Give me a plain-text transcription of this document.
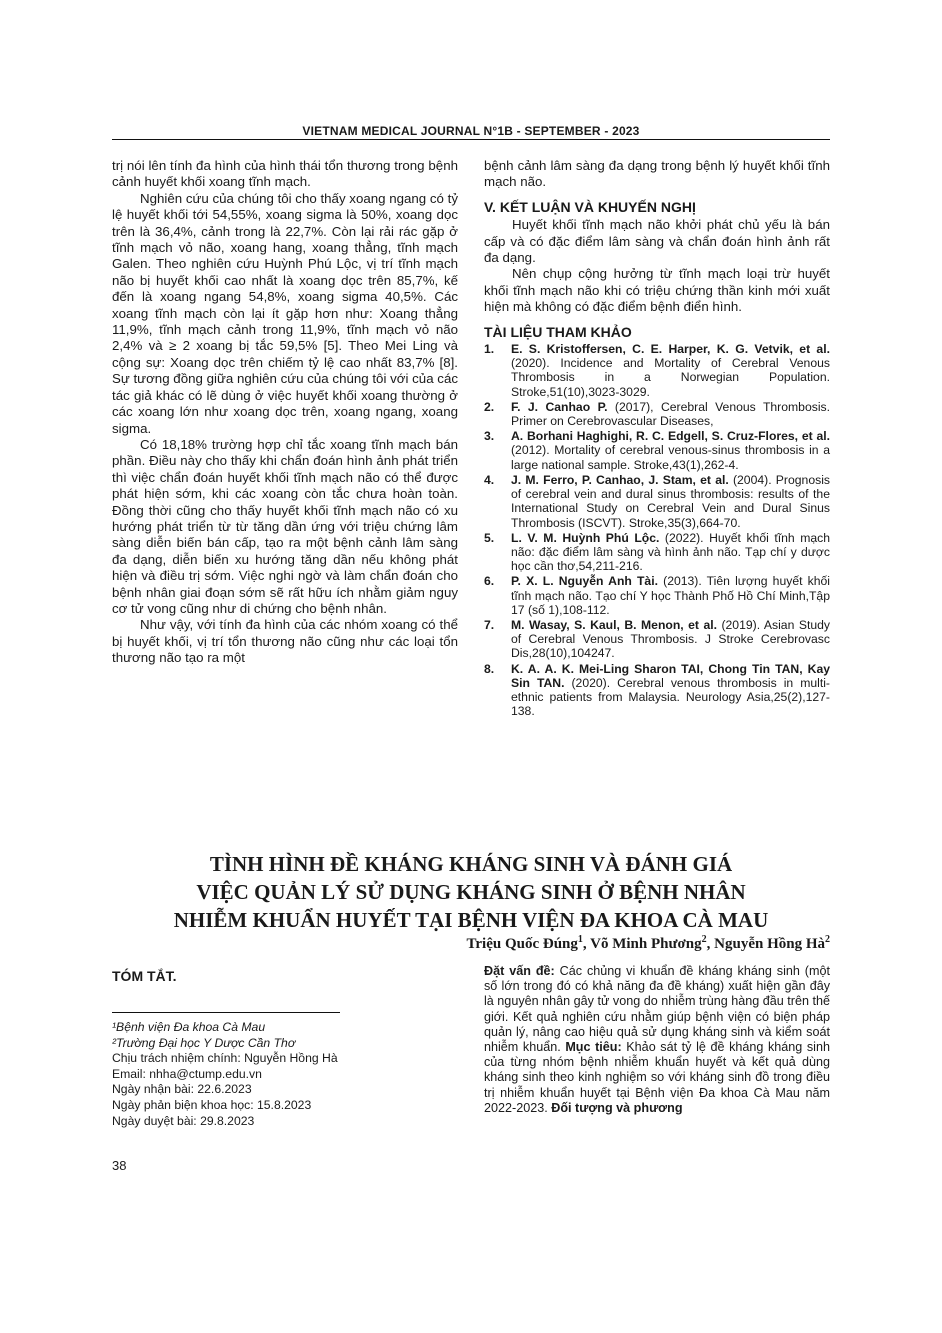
VIETNAM MEDICAL JOURNAL N°1B - SEPTEMBER - 2023

trị nói lên tính đa hình của hình thái tổn thương trong bệnh cảnh huyết khối xoang tĩnh mạch.

Nghiên cứu của chúng tôi cho thấy xoang ngang có tỷ lệ huyết khối tới 54,55%, xoang sigma là 50%, xoang dọc trên là 36,4%, cảnh trong là 22,7%. Còn lại rải rác gặp ở tĩnh mạch vỏ não, xoang hang, xoang thẳng, tĩnh mạch Galen. Theo nghiên cứu Huỳnh Phú Lộc, vị trí tĩnh mạch não bị huyết khối cao nhất là xoang dọc trên 85,7%, kế đến là xoang ngang 54,8%, xoang sigma 40,5%. Các xoang tĩnh mạch còn lại ít gặp hơn như: Xoang thẳng 11,9%, tĩnh mạch cảnh trong 11,9%, tĩnh mạch vỏ não 2,4% và ≥ 2 xoang bị tắc 59,5% [5]. Theo Mei Ling và cộng sự: Xoang dọc trên chiếm tỷ lệ cao nhất 83,7% [8]. Sự tương đồng giữa nghiên cứu của chúng tôi với của các tác giả khác có lẽ dùng ở việc huyết khối xoang thường ở các xoang lớn như xoang dọc trên, xoang ngang, xoang sigma.

Có 18,18% trường hợp chỉ tắc xoang tĩnh mạch bán phần. Điều này cho thấy khi chẩn đoán hình ảnh phát triển thì việc chẩn đoán huyết khối tĩnh mạch não có thể được phát hiện sớm, khi các xoang còn tắc chưa hoàn toàn. Đồng thời cũng cho thấy huyết khối tĩnh mạch não có xu hướng phát triển từ từ tăng dần ứng với triệu chứng lâm sàng diễn biến bán cấp, tạo ra một bệnh cảnh lâm sàng đa dạng, diễn biến xu hướng tăng dần nếu không phát hiện và điều trị sớm. Việc nghi ngờ và làm chẩn đoán cho bệnh nhân giai đoạn sớm sẽ rất hữu ích nhằm giảm nguy cơ tử vong cũng như di chứng cho bệnh nhân.

Như vậy, với tính đa hình của các nhóm xoang có thể bị huyết khối, vị trí tổn thương não cũng như các loại tổn thương não tạo ra một

bệnh cảnh lâm sàng đa dạng trong bệnh lý huyết khối tĩnh mạch não.

V. KẾT LUẬN VÀ KHUYẾN NGHỊ

Huyết khối tĩnh mạch não khởi phát chủ yếu là bán cấp và có đặc điểm lâm sàng và chẩn đoán hình ảnh rất đa dạng.

Nên chụp cộng hưởng từ tĩnh mạch loại trừ huyết khối tĩnh mạch não khi có triệu chứng thần kinh mới xuất hiện mà không có đặc điểm bệnh điển hình.

TÀI LIỆU THAM KHẢO
1. E. S. Kristoffersen, C. E. Harper, K. G. Vetvik, et al. (2020). Incidence and Mortality of Cerebral Venous Thrombosis in a Norwegian Population. Stroke,51(10),3023-3029.
2. F. J. Canhao P. (2017), Cerebral Venous Thrombosis. Primer on Cerebrovascular Diseases,
3. A. Borhani Haghighi, R. C. Edgell, S. Cruz-Flores, et al. (2012). Mortality of cerebral venous-sinus thrombosis in a large national sample. Stroke,43(1),262-4.
4. J. M. Ferro, P. Canhao, J. Stam, et al. (2004). Prognosis of cerebral vein and dural sinus thrombosis: results of the International Study on Cerebral Vein and Dural Sinus Thrombosis (ISCVT). Stroke,35(3),664-70.
5. L. V. M. Huỳnh Phú Lộc. (2022). Huyết khối tĩnh mạch não: đặc điểm lâm sàng và hình ảnh não. Tạp chí y dược học cần thơ,54,211-216.
6. P. X. L. Nguyễn Anh Tài. (2013). Tiên lượng huyết khối tĩnh mạch não. Tạo chí Y học Thành Phố Hồ Chí Minh,Tập 17 (số 1),108-112.
7. M. Wasay, S. Kaul, B. Menon, et al. (2019). Asian Study of Cerebral Venous Thrombosis. J Stroke Cerebrovasc Dis,28(10),104247.
8. K. A. A. K. Mei-Ling Sharon TAI, Chong Tin TAN, Kay Sin TAN. (2020). Cerebral venous thrombosis in multi-ethnic patients from Malaysia. Neurology Asia,25(2),127-138.
TÌNH HÌNH ĐỀ KHÁNG KHÁNG SINH VÀ ĐÁNH GIÁ
VIỆC QUẢN LÝ SỬ DỤNG KHÁNG SINH Ở BỆNH NHÂN
NHIỄM KHUẨN HUYẾT TẠI BỆNH VIỆN ĐA KHOA CÀ MAU
Triệu Quốc Đúng$^1$, Võ Minh Phương$^2$, Nguyễn Hồng $Hà^2$
TÓM TẮT.	Đặt vấn đề: Các chủng vi khuẩn đề kháng kháng sinh (một số lớn trong đó có khả năng đa đề kháng) xuất hiện gần đây là nguyên nhân gây tử vong do nhiễm trùng hàng đầu trên thế giới. Kết quả nghiên cứu nhằm giúp bệnh viện có biện pháp quản lý, nâng cao hiệu quả sử dụng kháng sinh và kiểm soát nhiễm khuẩn. Mục tiêu: Khảo sát tỷ lệ đề kháng kháng sinh của từng nhóm bệnh nhiễm khuẩn huyết và kết quả dùng kháng sinh theo kinh nghiệm so với kháng sinh đồ trong điều trị nhiễm khuẩn huyết tại Bệnh viện Đa khoa Cà Mau năm 2022-2023. Đối tượng và phương
¹Bệnh viện Đa khoa Cà Mau
²Trường Đại học Y Dược Cần Thơ
Chịu trách nhiệm chính: Nguyễn Hồng Hà
Email: nhha@ctump.edu.vn
Ngày nhận bài: 22.6.2023
Ngày phản biện khoa học: 15.8.2023
Ngày duyệt bài: 29.8.2023
38
